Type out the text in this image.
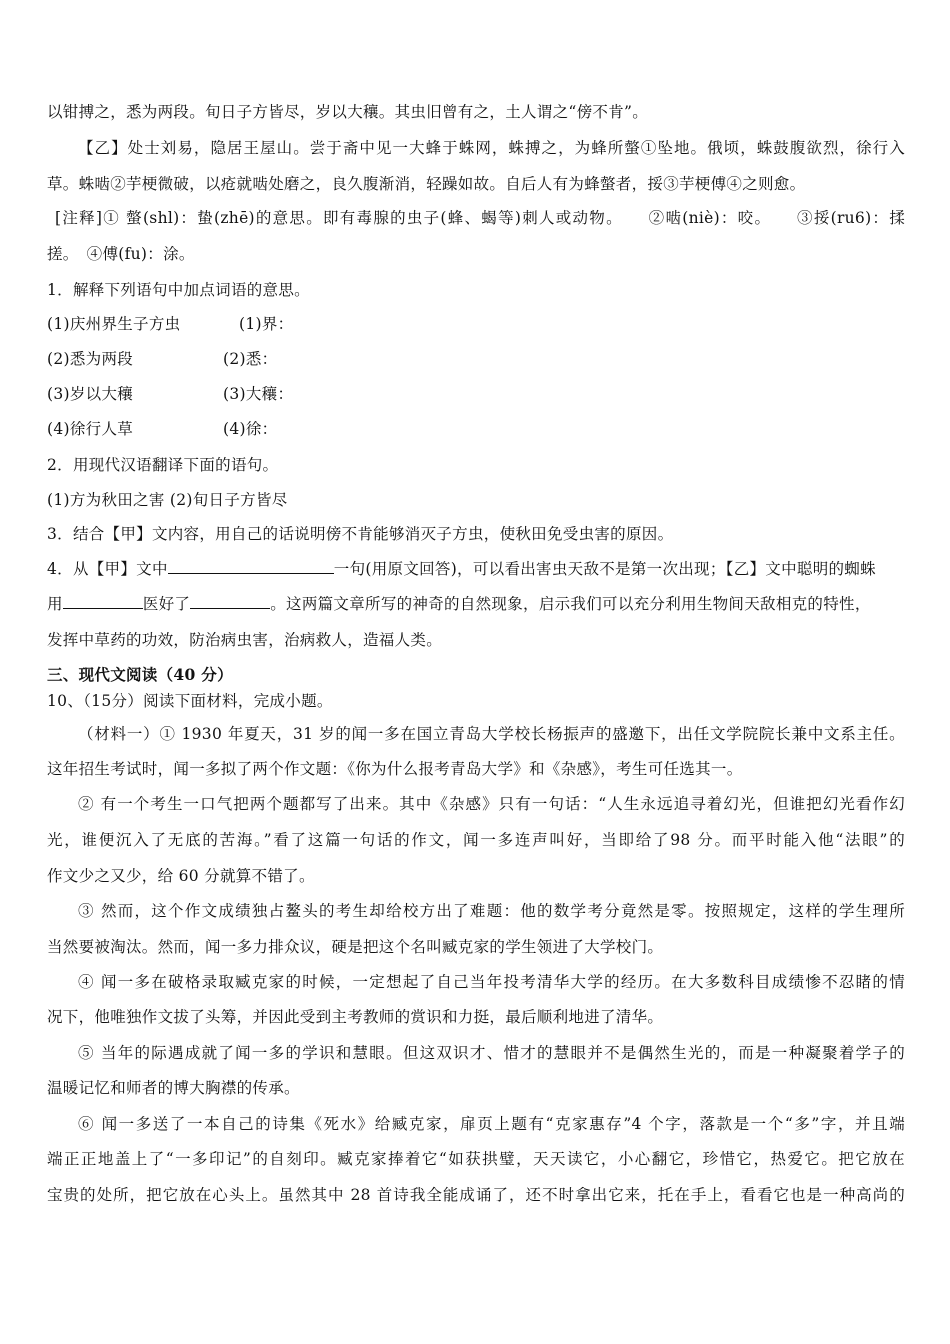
以钳搏之，悉为两段。旬日子方皆尽，岁以大穰。其虫旧曾有之，土人谓之“傍不肯”。
【乙】处士刘易，隐居王屋山。尝于斋中见一大蜂于蛛网，蛛搏之，为蜂所螫①坠地。俄顷，蛛鼓腹欲烈，徐行入
草。蛛啮②芋梗微破，以疮就啮处磨之，良久腹渐消，轻躁如故。自后人有为蜂螫者，挼③芋梗傅④之则愈。
[注释]① 螫(shl)：蛰(zhē)的意思。即有毒腺的虫子(蜂、蝎等)刺人或动物。　　②啮(niè)：咬。　　③挼(ru6)：揉
搓。　④傅(fu)：涂。
1．解释下列语句中加点词语的意思。
(1)庆州界生子方虫	(1)界：
(2)悉为两段	(2)悉：
(3)岁以大穰	(3)大穰：
(4)徐行人草	(4)徐：
2．用现代汉语翻译下面的语句。
(1)方为秋田之害 (2)旬日子方皆尽
3．结合【甲】文内容，用自己的话说明傍不肯能够消灭子方虫，使秋田免受虫害的原因。
4．从【甲】文中	一句(用原文回答)，可以看出害虫天敌不是第一次出现；【乙】文中聪明的蜘蛛
用	医好了	。这两篇文章所写的神奇的自然现象，启示我们可以充分利用生物间天敌相克的特性，
发挥中草药的功效，防治病虫害，治病救人，造福人类。
三、现代文阅读（40 分）
10、（15分）阅读下面材料，完成小题。
（材料一）① 1930 年夏天，31 岁的闻一多在国立青岛大学校长杨振声的盛邀下，出任文学院院长兼中文系主任。
这年招生考试时，闻一多拟了两个作文题：《你为什么报考青岛大学》和《杂感》，考生可任选其一。
② 有一个考生一口气把两个题都写了出来。其中《杂感》只有一句话：“人生永远追寻着幻光，但谁把幻光看作幻
光，谁便沉入了无底的苦海。”看了这篇一句话的作文，闻一多连声叫好，当即给了98 分。而平时能入他“法眼”的
作文少之又少，给 60 分就算不错了。
③ 然而，这个作文成绩独占鳌头的考生却给校方出了难题：他的数学考分竟然是零。按照规定，这样的学生理所
当然要被淘汰。然而，闻一多力排众议，硬是把这个名叫臧克家的学生领进了大学校门。
④ 闻一多在破格录取臧克家的时候，一定想起了自己当年投考清华大学的经历。在大多数科目成绩惨不忍睹的情
况下，他唯独作文拔了头筹，并因此受到主考教师的赏识和力挺，最后顺利地进了清华。
⑤ 当年的际遇成就了闻一多的学识和慧眼。但这双识才、惜才的慧眼并不是偶然生光的，而是一种凝聚着学子的
温暖记忆和师者的博大胸襟的传承。
⑥ 闻一多送了一本自己的诗集《死水》给臧克家，扉页上题有“克家惠存”4 个字，落款是一个“多”字，并且端
端正正地盖上了“一多印记”的自刻印。臧克家捧着它“如获拱璧，天天读它，小心翻它，珍惜它，热爱它。把它放在
宝贵的处所，把它放在心头上。虽然其中 28 首诗我全能成诵了，还不时拿出它来，托在手上，看看它也是一种高尚的
